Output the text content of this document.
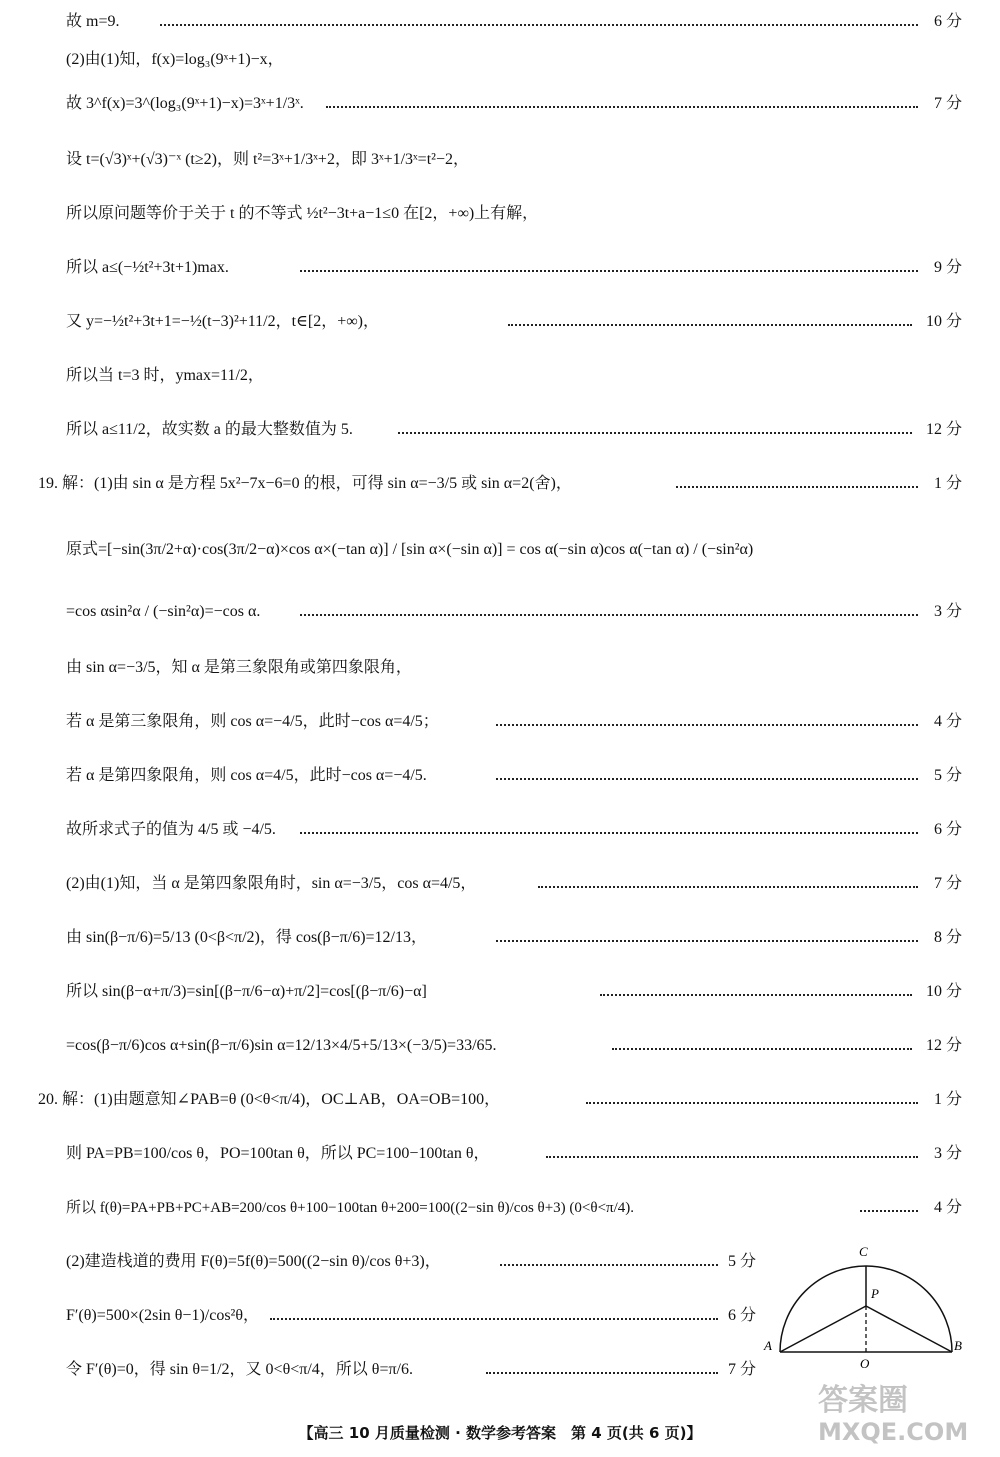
故 m=9.	6 分
(2)由(1)知，f(x)=log₃(9ˣ+1)−x，
故 3^f(x)=3^(log₃(9ˣ+1)−x)=3ˣ+1/3ˣ.	7 分
设 t=(√3)ˣ+(√3)⁻ˣ (t≥2)，则 t²=3ˣ+1/3ˣ+2，即 3ˣ+1/3ˣ=t²−2，
所以原问题等价于关于 t 的不等式 ½t²−3t+a−1≤0 在[2，+∞)上有解，
所以 a≤(−½t²+3t+1)max.	9 分
又 y=−½t²+3t+1=−½(t−3)²+11/2，t∈[2，+∞)，	10 分
所以当 t=3 时，ymax=11/2，
所以 a≤11/2，故实数 a 的最大整数值为 5.	12 分
19. 解：(1)由 sin α 是方程 5x²−7x−6=0 的根，可得 sin α=−3/5 或 sin α=2(舍)，	1 分
原式=[−sin(3π/2+α)·cos(3π/2−α)×cos α×(−tan α)] / [sin α×(−sin α)] = cos α(−sin α)cos α(−tan α) / (−sin²α)
=cos αsin²α / (−sin²α)=−cos α.	3 分
由 sin α=−3/5，知 α 是第三象限角或第四象限角，
若 α 是第三象限角，则 cos α=−4/5，此时−cos α=4/5；	4 分
若 α 是第四象限角，则 cos α=4/5，此时−cos α=−4/5.	5 分
故所求式子的值为 4/5 或 −4/5.	6 分
(2)由(1)知，当 α 是第四象限角时，sin α=−3/5，cos α=4/5，	7 分
由 sin(β−π/6)=5/13 (0<β<π/2)，得 cos(β−π/6)=12/13，	8 分
所以 sin(β−α+π/3)=sin[(β−π/6−α)+π/2]=cos[(β−π/6)−α]	10 分
=cos(β−π/6)cos α+sin(β−π/6)sin α=12/13×4/5+5/13×(−3/5)=33/65.	12 分
20. 解：(1)由题意知∠PAB=θ (0<θ<π/4)，OC⊥AB，OA=OB=100，	1 分
则 PA=PB=100/cos θ，PO=100tan θ，所以 PC=100−100tan θ，	3 分
所以 f(θ)=PA+PB+PC+AB=200/cos θ+100−100tan θ+200=100((2−sin θ)/cos θ+3) (0<θ<π/4).	4 分
(2)建造栈道的费用 F(θ)=5f(θ)=500((2−sin θ)/cos θ+3)，	5 分
F′(θ)=500×(2sin θ−1)/cos²θ，	6 分
令 F′(θ)=0，得 sin θ=1/2，又 0<θ<π/4，所以 θ=π/6.	7 分
C
P
A
O
B
【高三 10 月质量检测 · 数学参考答案　第 4 页(共 6 页)】
答案圈
MXQE.COM
